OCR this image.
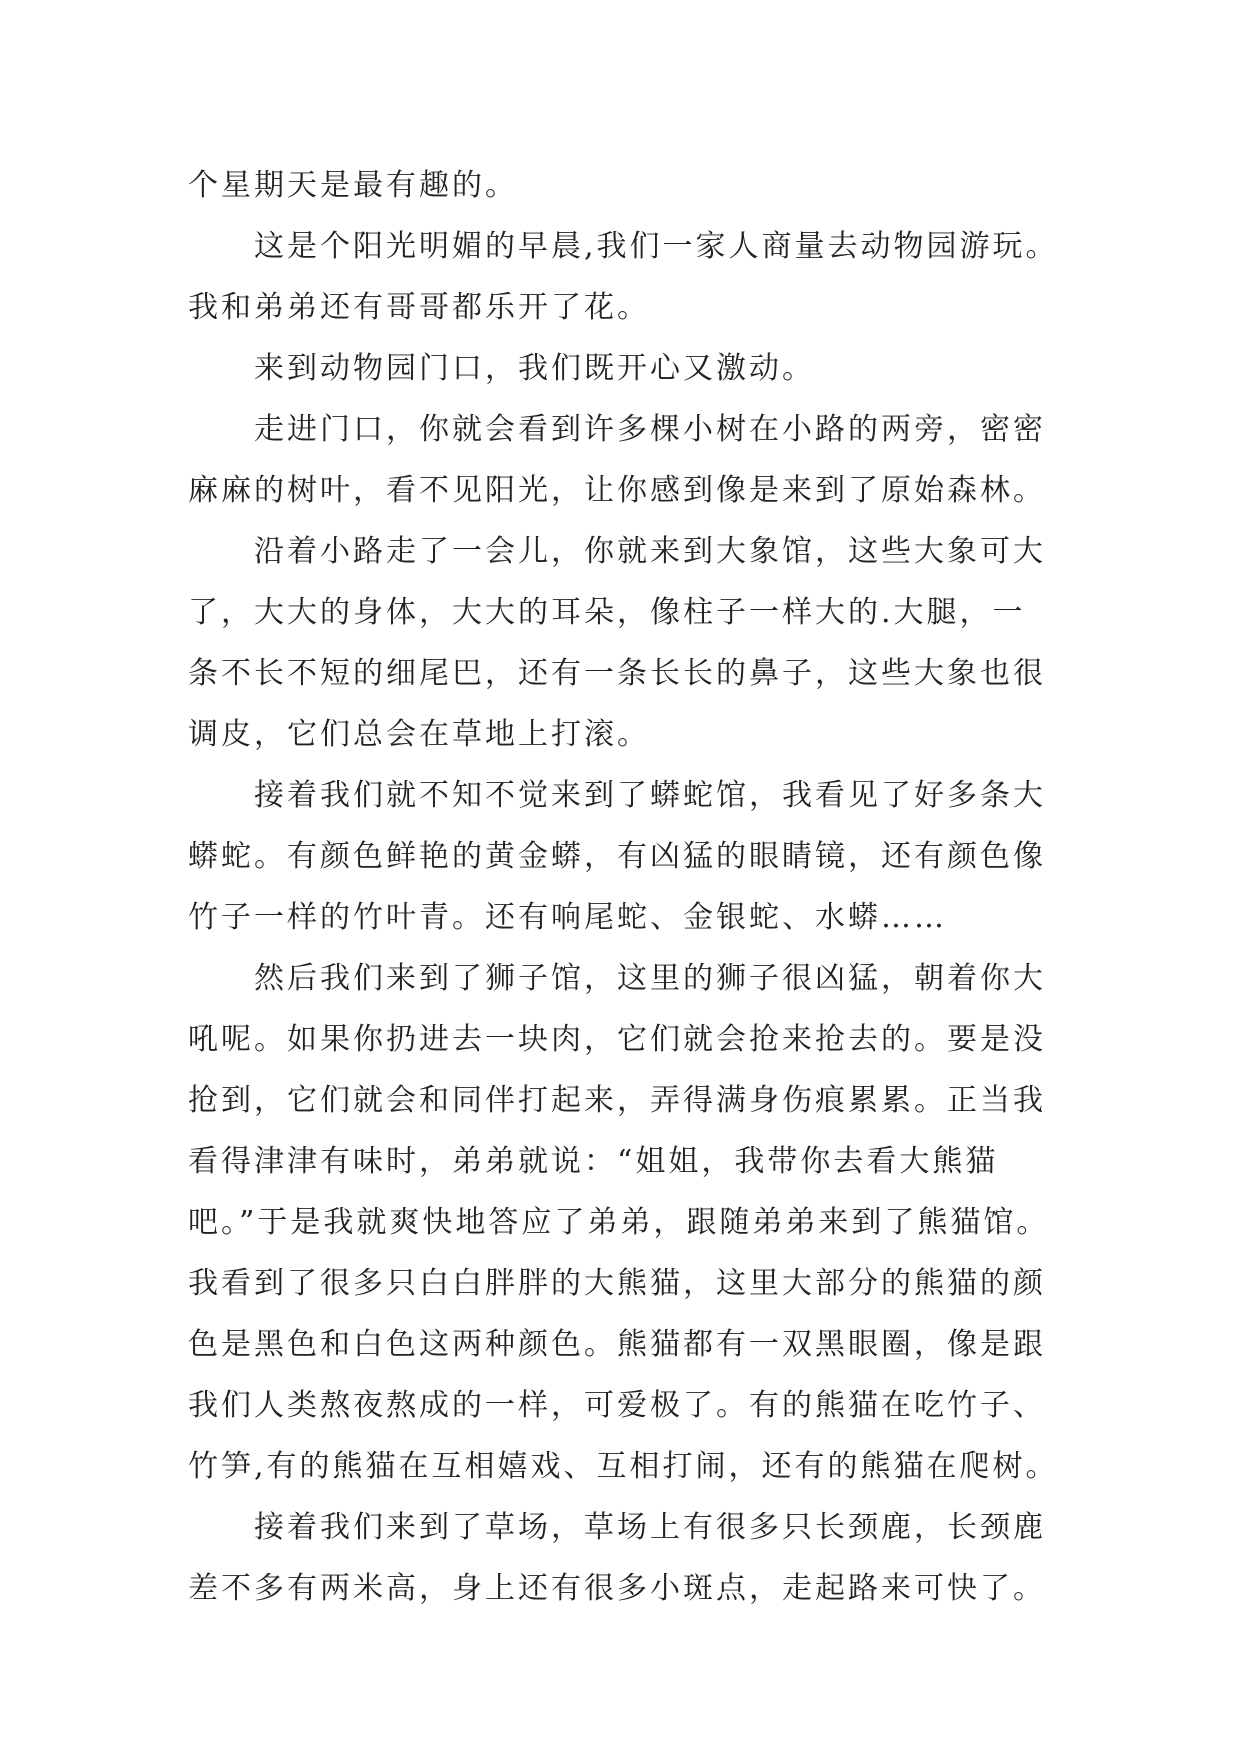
个星期天是最有趣的。
这是个阳光明媚的早晨,我们一家人商量去动物园游玩。
我和弟弟还有哥哥都乐开了花。
来到动物园门口，我们既开心又激动。
走进门口，你就会看到许多棵小树在小路的两旁，密密
麻麻的树叶，看不见阳光，让你感到像是来到了原始森林。
沿着小路走了一会儿，你就来到大象馆，这些大象可大
了，大大的身体，大大的耳朵，像柱子一样大的.大腿，一
条不长不短的细尾巴，还有一条长长的鼻子，这些大象也很
调皮，它们总会在草地上打滚。
接着我们就不知不觉来到了蟒蛇馆，我看见了好多条大
蟒蛇。有颜色鲜艳的黄金蟒，有凶猛的眼睛镜，还有颜色像
竹子一样的竹叶青。还有响尾蛇、金银蛇、水蟒……
然后我们来到了狮子馆，这里的狮子很凶猛，朝着你大
吼呢。如果你扔进去一块肉，它们就会抢来抢去的。要是没
抢到，它们就会和同伴打起来，弄得满身伤痕累累。正当我
看得津津有味时，弟弟就说：“姐姐，我带你去看大熊猫
吧。”于是我就爽快地答应了弟弟，跟随弟弟来到了熊猫馆。
我看到了很多只白白胖胖的大熊猫，这里大部分的熊猫的颜
色是黑色和白色这两种颜色。熊猫都有一双黑眼圈，像是跟
我们人类熬夜熬成的一样，可爱极了。有的熊猫在吃竹子、
竹笋,有的熊猫在互相嬉戏、互相打闹，还有的熊猫在爬树。
接着我们来到了草场，草场上有很多只长颈鹿，长颈鹿
差不多有两米高，身上还有很多小斑点，走起路来可快了。
